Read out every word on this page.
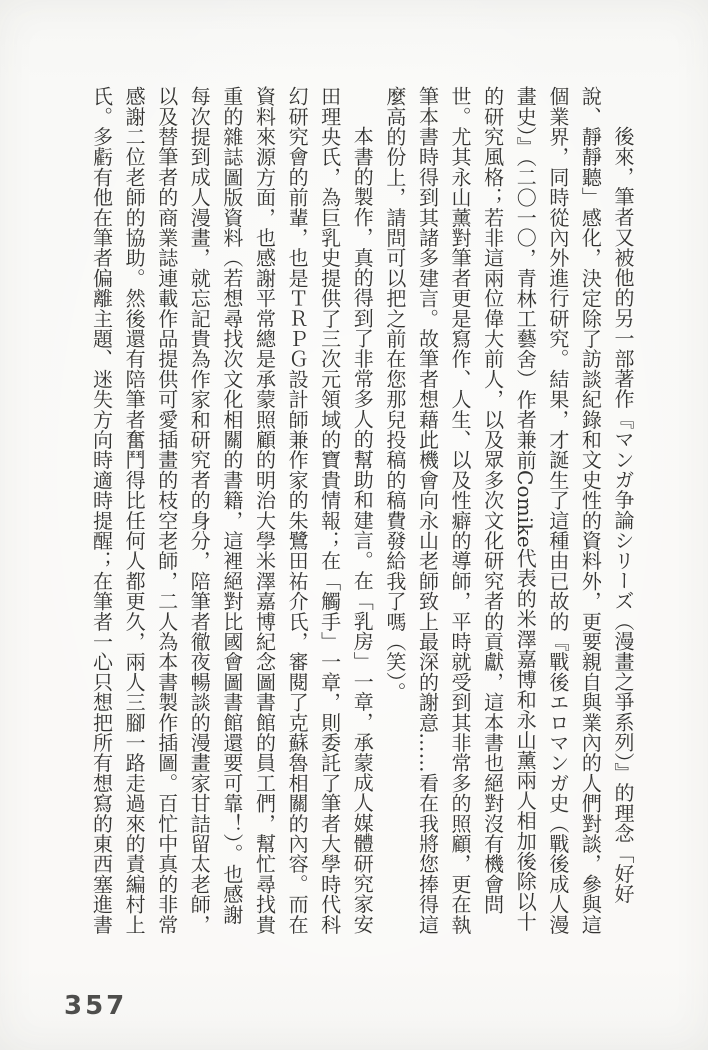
後來，筆者又被他的另一部著作『マンガ争論シリーズ（漫畫之爭系列）』的理念「好好說、靜靜聽」感化，決定除了訪談紀錄和文史性的資料外，更要親自與業內的人們對談，參與這個業界，同時從內外進行研究。結果，才誕生了這種由已故的『戰後エロマンガ史（戰後成人漫畫史）』（二〇一〇，青林工藝舍）作者兼前Comike代表的米澤嘉博和永山薰兩人相加後除以十的研究風格；若非這兩位偉大前人，以及眾多次文化研究者的貢獻，這本書也絕對沒有機會問世。尤其永山薰對筆者更是寫作、人生、以及性癖的導師，平時就受到其非常多的照顧，更在執筆本書時得到其諸多建言。故筆者想藉此機會向永山老師致上最深的謝意……看在我將您捧得這麼高的份上，請問可以把之前在您那兒投稿的稿費發給我了嗎（笑）。

本書的製作，真的得到了非常多人的幫助和建言。在「乳房」一章，承蒙成人媒體研究家安田理央氏，為巨乳史提供了三次元領域的寶貴情報；在「觸手」一章，則委託了筆者大學時代科幻研究會的前輩，也是ＴＲＰＧ設計師兼作家的朱鷺田祐介氏，審閱了克蘇魯相關的內容。而在資料來源方面，也感謝平常總是承蒙照顧的明治大學米澤嘉博紀念圖書館的員工們，幫忙尋找貴重的雜誌圖版資料（若想尋找次文化相關的書籍，這裡絕對比國會圖書館還要可靠！）。也感謝每次提到成人漫畫，就忘記貴為作家和研究者的身分，陪筆者徹夜暢談的漫畫家甘詰留太老師，以及替筆者的商業誌連載作品提供可愛插畫的枝空老師，二人為本書製作插圖。百忙中真的非常感謝二位老師的協助。然後還有陪筆者奮鬥得比任何人都更久，兩人三腳一路走過來的責編村上氏。多虧有他在筆者偏離主題、迷失方向時適時提醒；在筆者一心只想把所有想寫的東西塞進書

357
